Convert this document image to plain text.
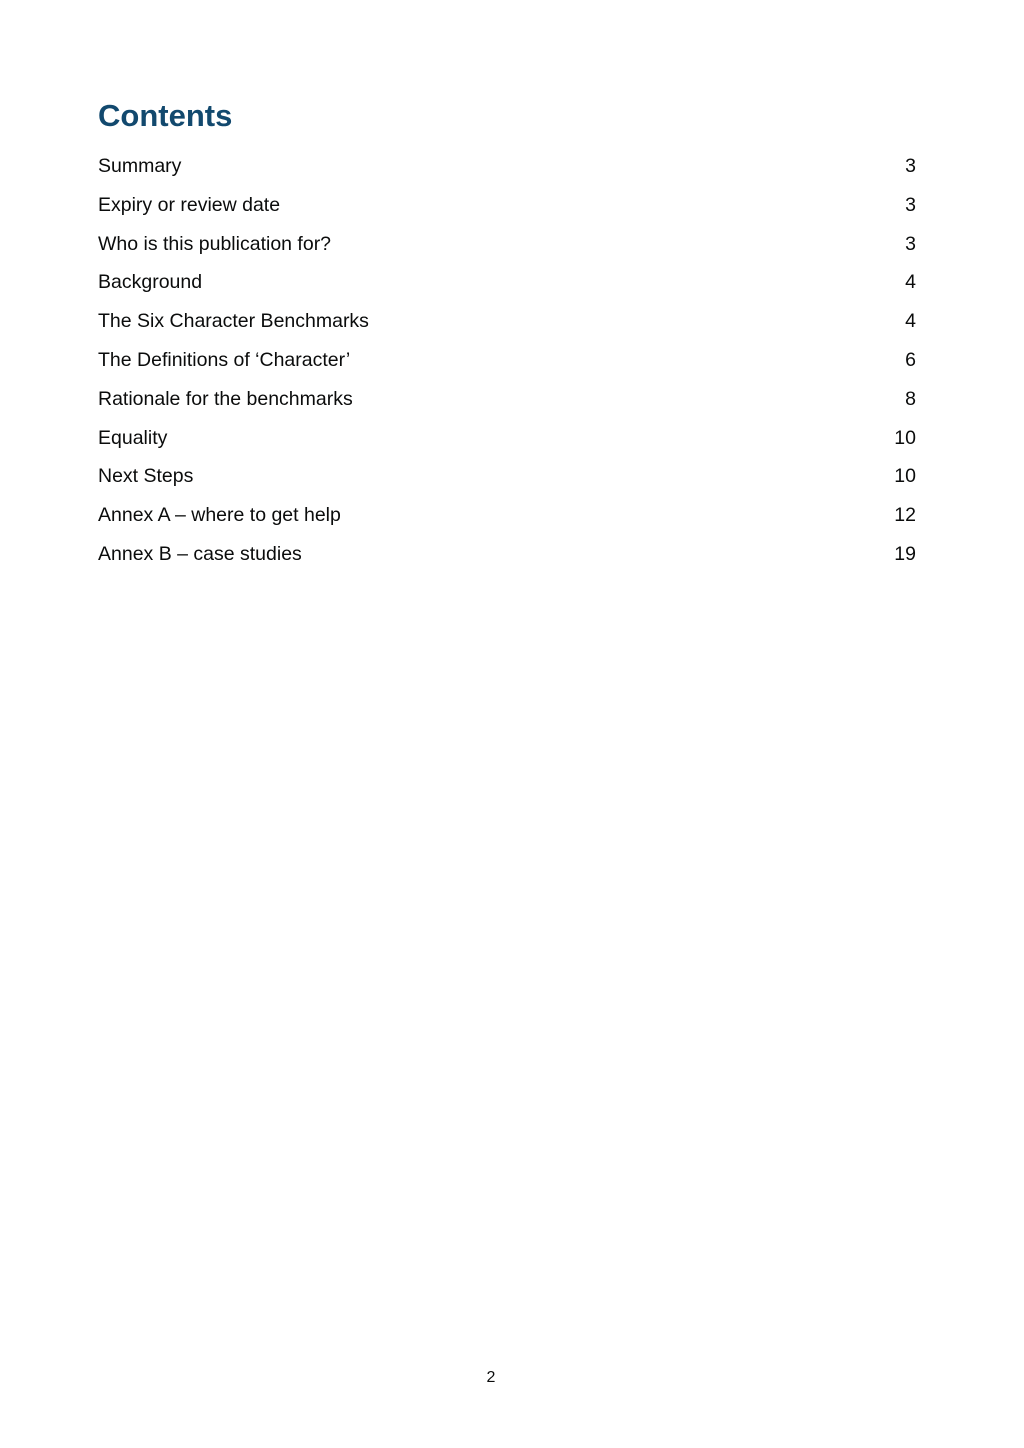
Contents
Summary	3
Expiry or review date	3
Who is this publication for?	3
Background	4
The Six Character Benchmarks	4
The Definitions of ‘Character’	6
Rationale for the benchmarks	8
Equality	10
Next Steps	10
Annex A – where to get help	12
Annex B – case studies	19
2
